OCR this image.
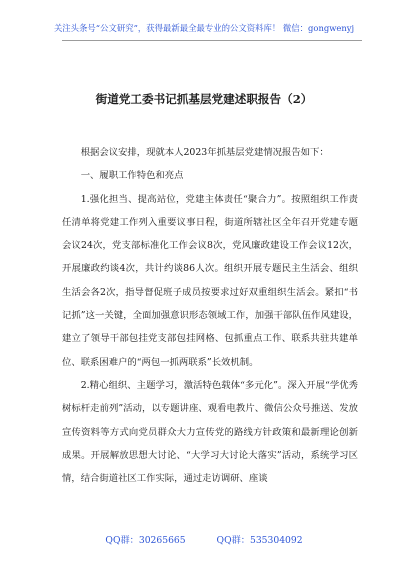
关注头条号“公文研究”，获得最新最全最专业的公文资料库！ 微信：gongwenyj
街道党工委书记抓基层党建述职报告（2）

根据会议安排，现就本人2023年抓基层党建情况报告如下：

一、履职工作特色和亮点

1.强化担当、提高站位，党建主体责任“聚合力”。按照组织工作责任清单将党建工作列入重要议事日程，街道所辖社区全年召开党建专题会议24次，党支部标准化工作会议8次，党风廉政建设工作会议12次，开展廉政约谈4次，共计约谈86人次。组织开展专题民主生活会、组织生活会各2次，指导督促班子成员按要求过好双重组织生活会。紧扣“书记抓”这一关键，全面加强意识形态领域工作，加强干部队伍作风建设，建立了领导干部包挂党支部包挂网格、包抓重点工作、联系共驻共建单位、联系困难户的“两包一抓两联系”长效机制。

2.精心组织、主题学习，激活特色载体“多元化”。深入开展“学优秀树标杆走前列”活动，以专题讲座、观看电教片、微信公众号推送、发放宣传资料等方式向党员群众大力宣传党的路线方针政策和最新理论创新成果。开展解放思想大讨论、“大学习大讨论大落实”活动，系统学习区情，结合街道社区工作实际，通过走访调研、座谈

QQ群：30265665	QQ群：535304092
